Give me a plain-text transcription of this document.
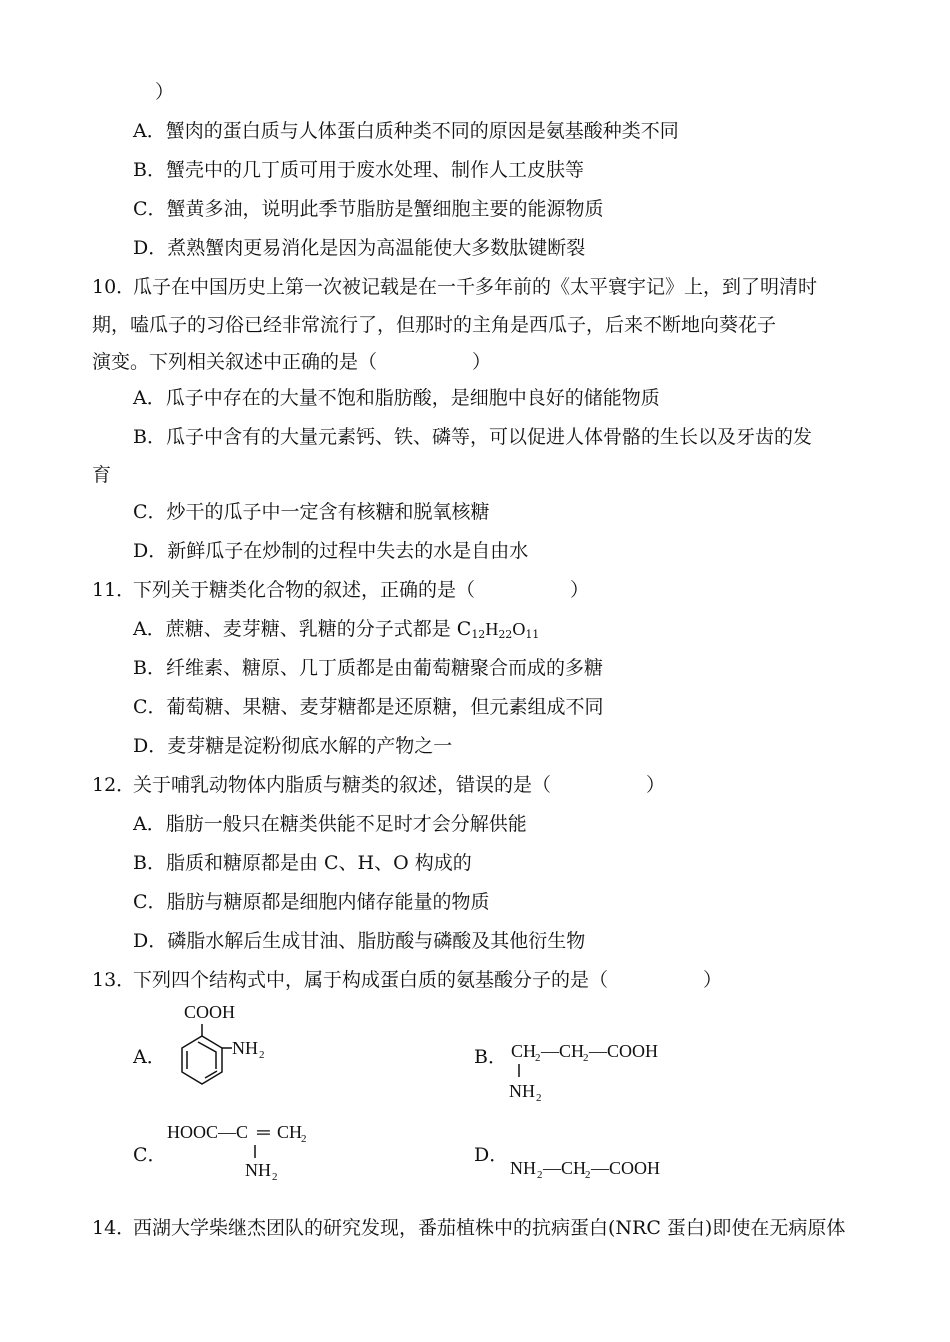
）
A．蟹肉的蛋白质与人体蛋白质种类不同的原因是氨基酸种类不同
B．蟹壳中的几丁质可用于废水处理、制作人工皮肤等
C．蟹黄多油，说明此季节脂肪是蟹细胞主要的能源物质
D．煮熟蟹肉更易消化是因为高温能使大多数肽键断裂
10．
瓜子在中国历史上第一次被记载是在一千多年前的《太平寰宇记》上，到了明清时
期，嗑瓜子的习俗已经非常流行了，但那时的主角是西瓜子，后来不断地向葵花子
演变。下列相关叙述中正确的是（　　　　　）
A．瓜子中存在的大量不饱和脂肪酸，是细胞中良好的储能物质
B．瓜子中含有的大量元素钙、铁、磷等，可以促进人体骨骼的生长以及牙齿的发
育
C．炒干的瓜子中一定含有核糖和脱氧核糖
D．新鲜瓜子在炒制的过程中失去的水是自由水
11．
下列关于糖类化合物的叙述，正确的是（　　　　　）
A．蔗糖、麦芽糖、乳糖的分子式都是 $C_{12}H_{22}O_{11}$
B．纤维素、糖原、几丁质都是由葡萄糖聚合而成的多糖
C．葡萄糖、果糖、麦芽糖都是还原糖，但元素组成不同
D．麦芽糖是淀粉彻底水解的产物之一
12．
关于哺乳动物体内脂质与糖类的叙述，错误的是（　　　　　）
A．脂肪一般只在糖类供能不足时才会分解供能
B．脂质和糖原都是由 C、H、O 构成的
C．脂肪与糖原都是细胞内储存能量的物质
D．磷脂水解后生成甘油、脂肪酸与磷酸及其他衍生物
13．
下列四个结构式中，属于构成蛋白质的氨基酸分子的是（　　　　　）
A．	B．
C．	D．
COOH
NH 2	CH
2 — CH
2 —COOH
NH 2
HOOC—C ═ CH
2
NH 2	NH 2 —CH
2 —COOH
14．
西湖大学柴继杰团队的研究发现，番茄植株中的抗病蛋白(NRC 蛋白)即使在无病原体
